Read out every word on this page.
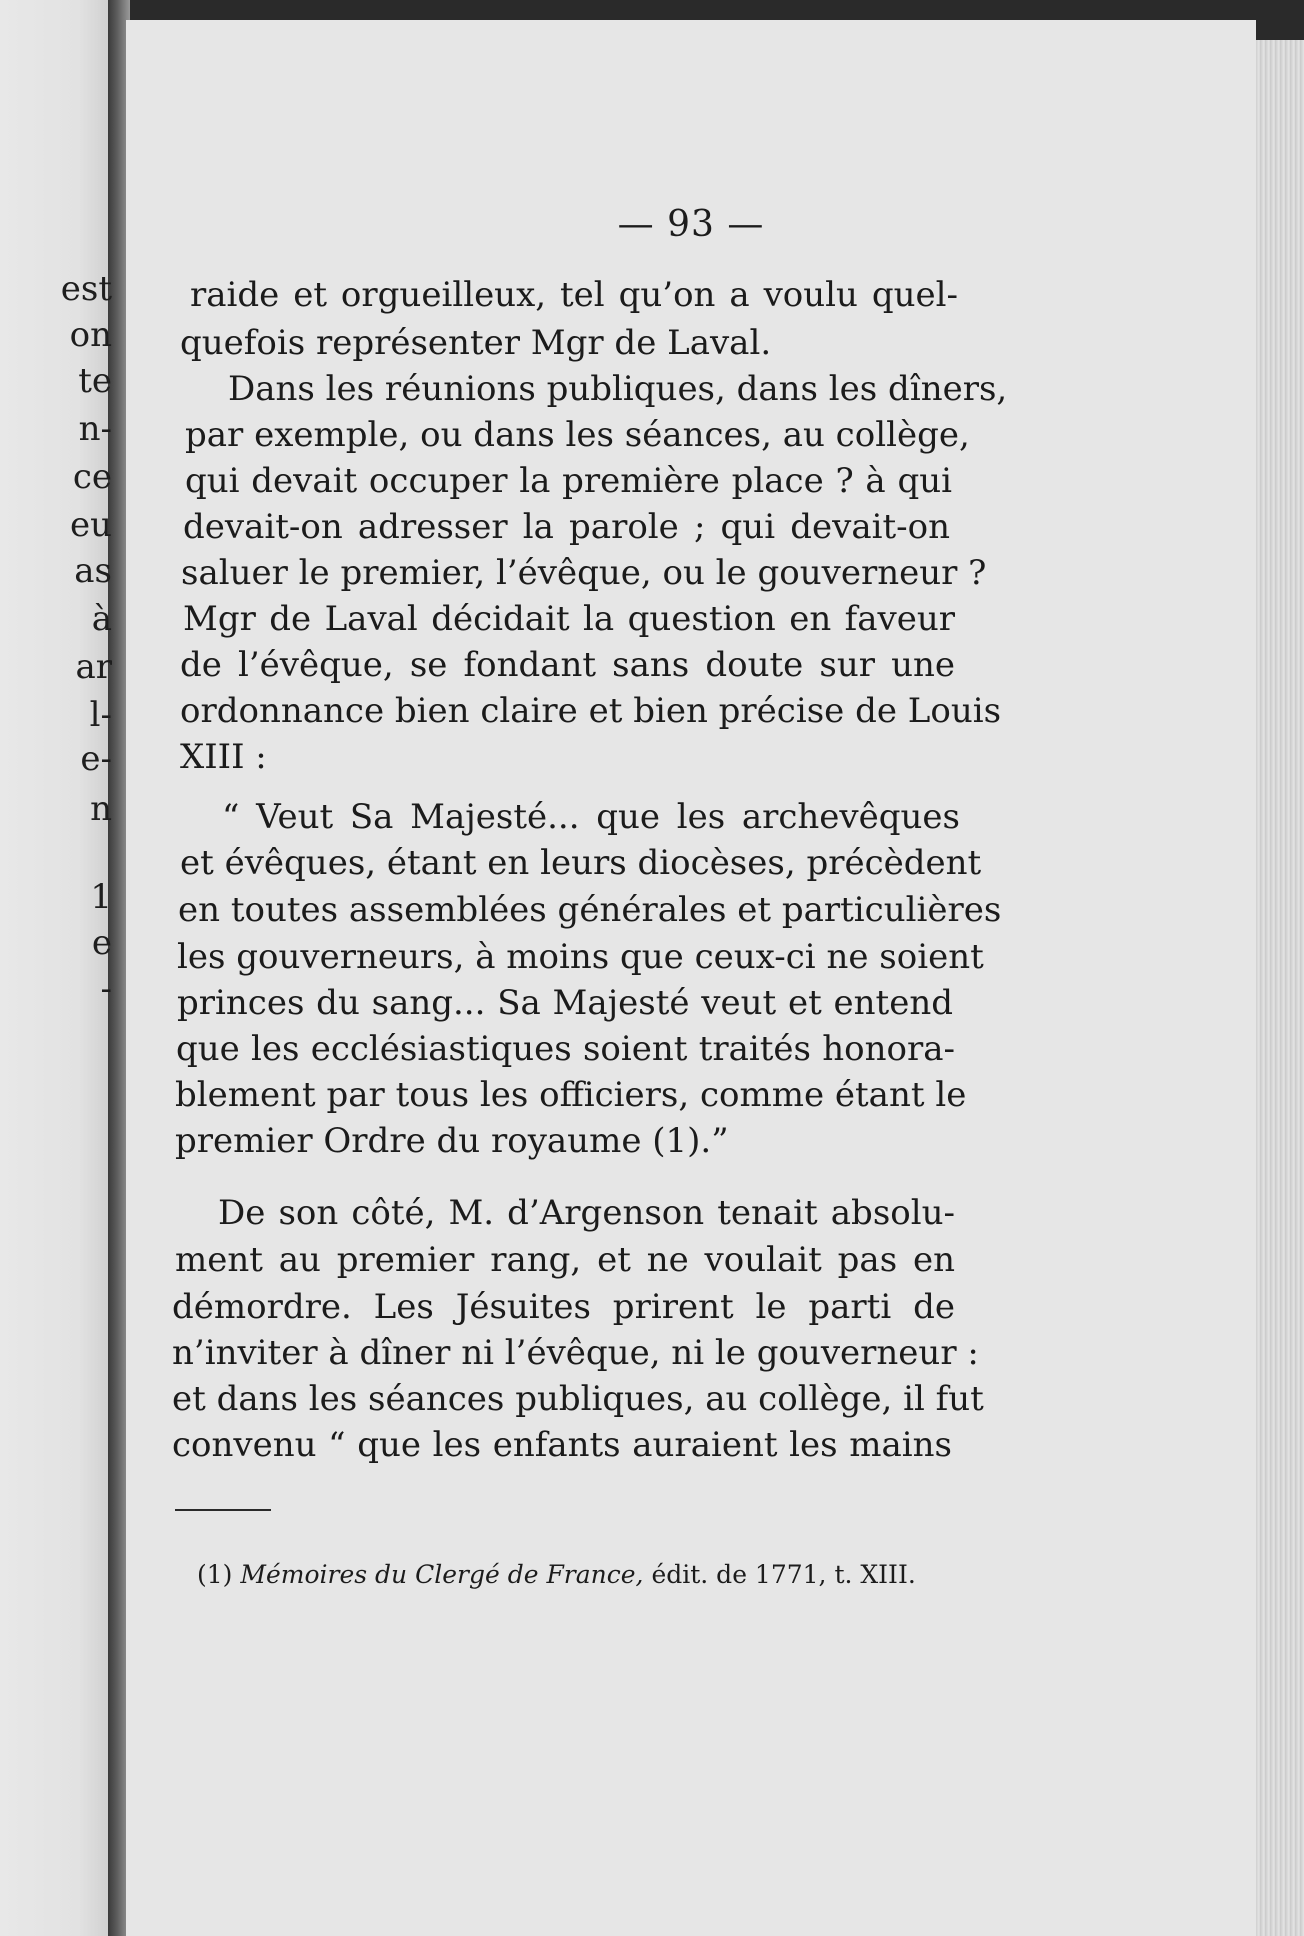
— 93 —
est
on
te
n-
ce
eu
as
à
ar
l-
e-
n
1
e
-
raide et orgueilleux, tel qu’on a voulu quel-
quefois représenter Mgr de Laval.
Dans les réunions publiques, dans les dîners,
par exemple, ou dans les séances, au collège,
qui devait occuper la première place ? à qui
devait-on adresser la parole ; qui devait-on
saluer le premier, l’évêque, ou le gouverneur ?
Mgr de Laval décidait la question en faveur
de l’évêque, se fondant sans doute sur une
ordonnance bien claire et bien précise de Louis
XIII :
“ Veut Sa Majesté... que les archevêques
et évêques, étant en leurs diocèses, précèdent
en toutes assemblées générales et particulières
les gouverneurs, à moins que ceux-ci ne soient
princes du sang... Sa Majesté veut et entend
que les ecclésiastiques soient traités honora-
blement par tous les officiers, comme étant le
premier Ordre du royaume (1).”
De son côté, M. d’Argenson tenait absolu-
ment au premier rang, et ne voulait pas en
démordre. Les Jésuites prirent le parti de
n’inviter à dîner ni l’évêque, ni le gouverneur :
et dans les séances publiques, au collège, il fut
convenu “ que les enfants auraient les mains
(1) Mémoires du Clergé de France, édit. de 1771, t. XIII.
